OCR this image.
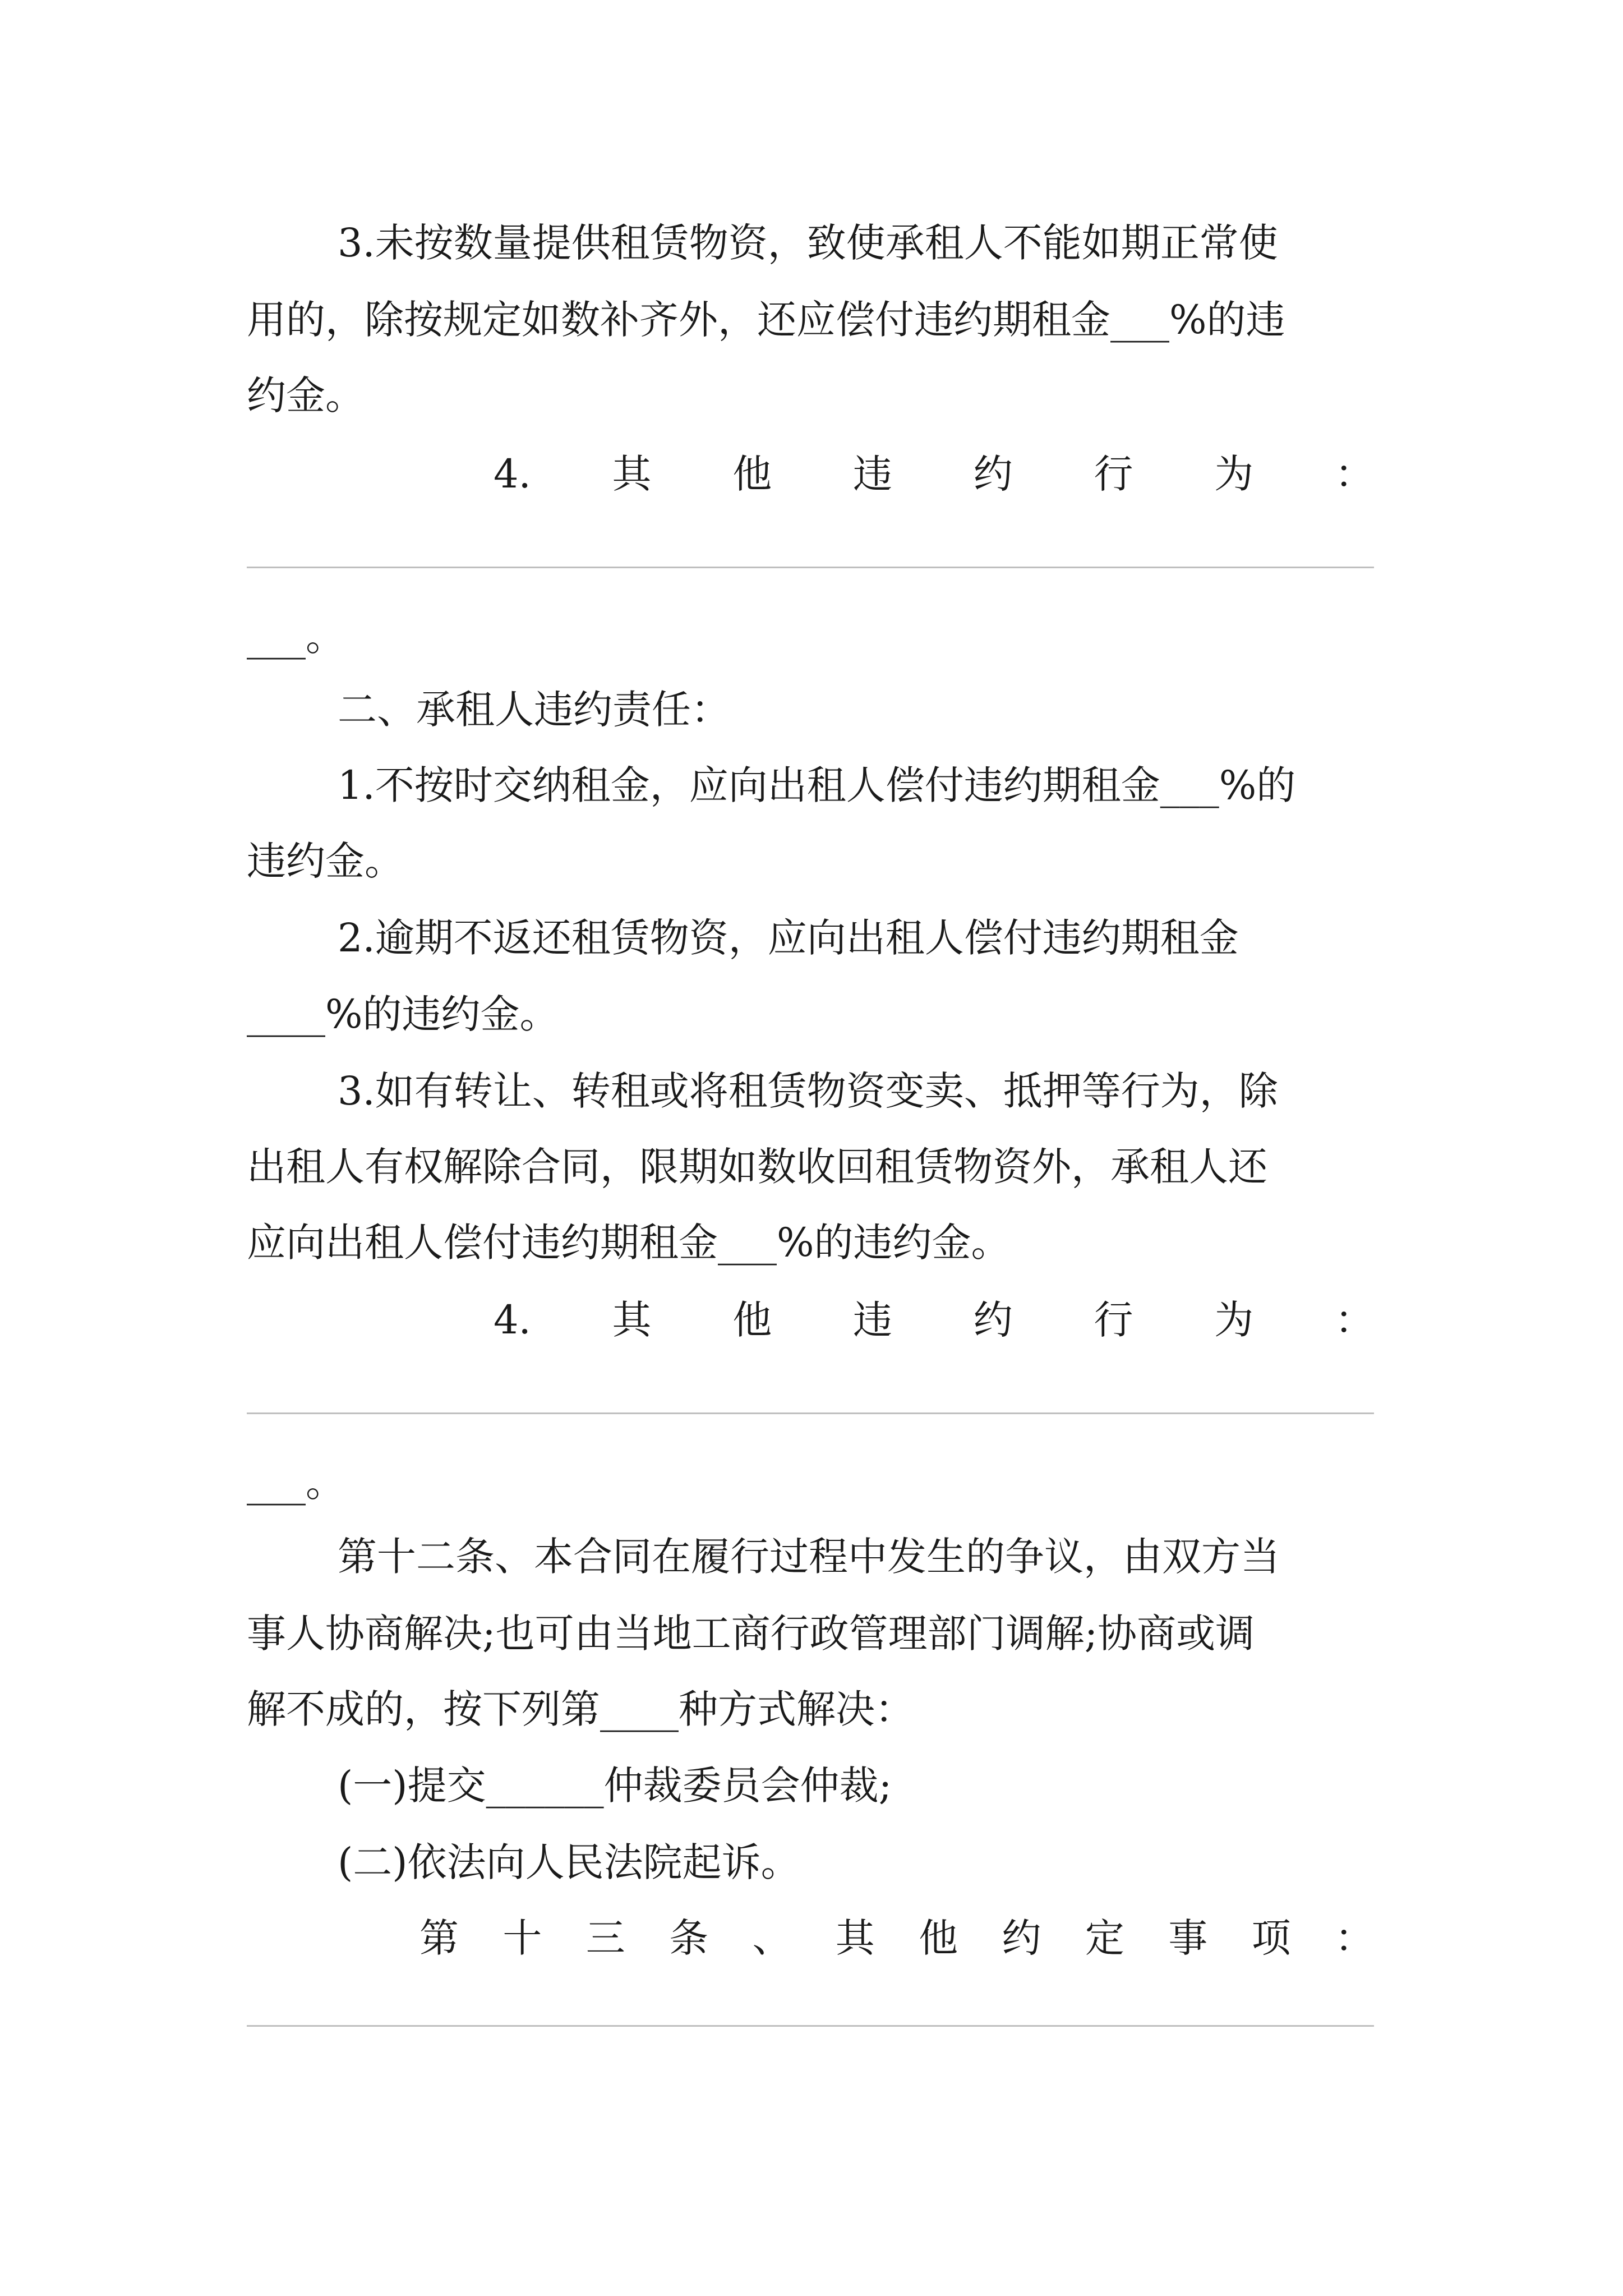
3.未按数量提供租赁物资，致使承租人不能如期正常使

用的，除按规定如数补齐外，还应偿付违约期租金___%的违

约金。

4. 其 他 违 约 行 为 ：

___。

二、承租人违约责任：

1.不按时交纳租金，应向出租人偿付违约期租金___%的

违约金。

2.逾期不返还租赁物资，应向出租人偿付违约期租金

____%的违约金。

3.如有转让、转租或将租赁物资变卖、抵押等行为，除

出租人有权解除合同，限期如数收回租赁物资外，承租人还

应向出租人偿付违约期租金___%的违约金。

4. 其 他 违 约 行 为 ：

___。

第十二条、本合同在履行过程中发生的争议，由双方当

事人协商解决;也可由当地工商行政管理部门调解;协商或调

解不成的，按下列第____种方式解决：

(一)提交______仲裁委员会仲裁;

(二)依法向人民法院起诉。

第 十 三 条 、 其 他 约 定 事 项 ：
